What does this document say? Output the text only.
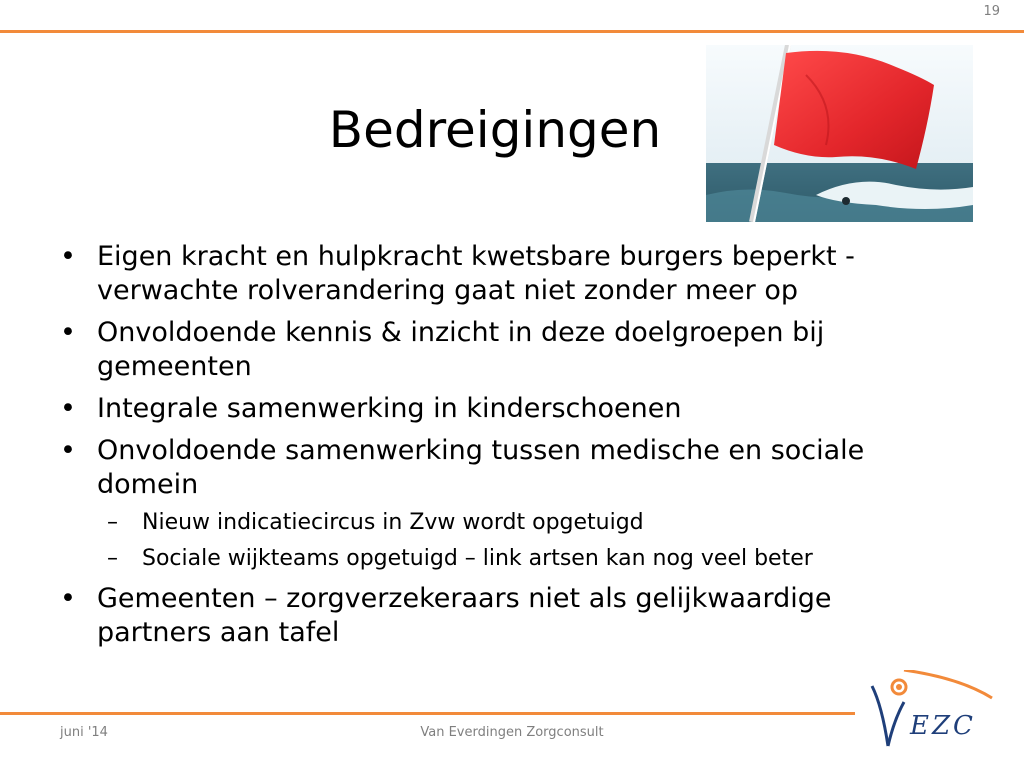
19
Bedreigingen
• Eigen kracht en hulpkracht kwetsbare burgers beperkt - verwachte rolverandering gaat niet zonder meer op
• Onvoldoende kennis & inzicht in deze doelgroepen bij gemeenten
• Integrale samenwerking in kinderschoenen
• Onvoldoende samenwerking tussen medische en sociale domein
– Nieuw indicatiecircus in Zvw wordt opgetuigd
– Sociale wijkteams opgetuigd – link artsen kan nog veel beter
• Gemeenten – zorgverzekeraars niet als gelijkwaardige partners aan tafel
juni '14	Van Everdingen Zorgconsult	EZC
